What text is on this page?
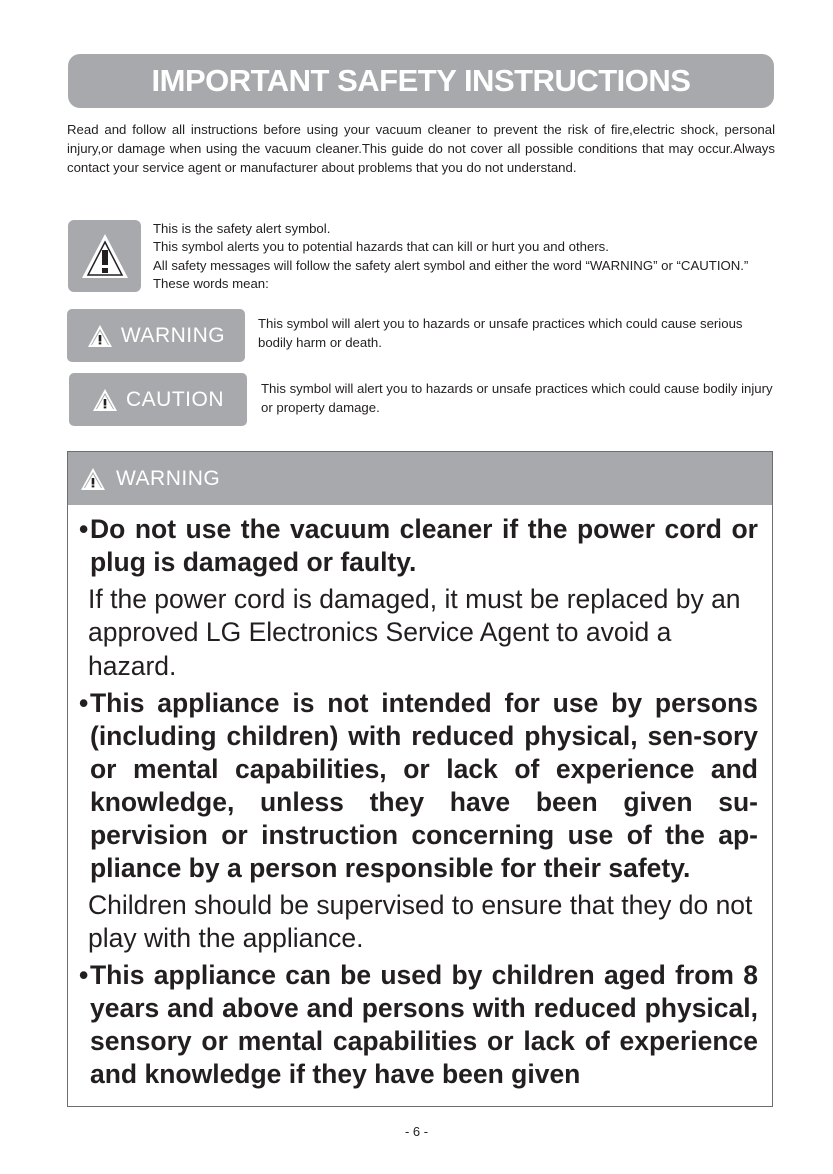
IMPORTANT SAFETY INSTRUCTIONS

Read and follow all instructions before using your vacuum cleaner to prevent the risk of fire,electric shock, personal injury,or damage when using the vacuum cleaner.This guide do not cover all possible conditions that may occur.Always contact your service agent or manufacturer about problems that you do not understand.

This is the safety alert symbol.
This symbol alerts you to potential hazards that can kill or hurt you and others.
All safety messages will follow the safety alert symbol and either the word “WARNING” or “CAUTION.” These words mean:
WARNING This symbol will alert you to hazards or unsafe practices which could cause serious bodily harm or death.
CAUTION	This symbol will alert you to hazards or unsafe practices which could cause bodily injury or property damage.
WARNING

• Do not use the vacuum cleaner if the power cord or plug is damaged or faulty.

If the power cord is damaged, it must be replaced by an approved LG Electronics Service Agent to avoid a hazard.

• This appliance is not intended for use by persons (including children) with reduced physical, sen-sory or mental capabilities, or lack of experience and knowledge, unless they have been given su-pervision or instruction concerning use of the ap-pliance by a person responsible for their safety.

Children should be supervised to ensure that they do not play with the appliance.

• This appliance can be used by children aged from 8 years and above and persons with reduced physical, sensory or mental capabilities or lack of experience and knowledge if they have been given

- 6 -
